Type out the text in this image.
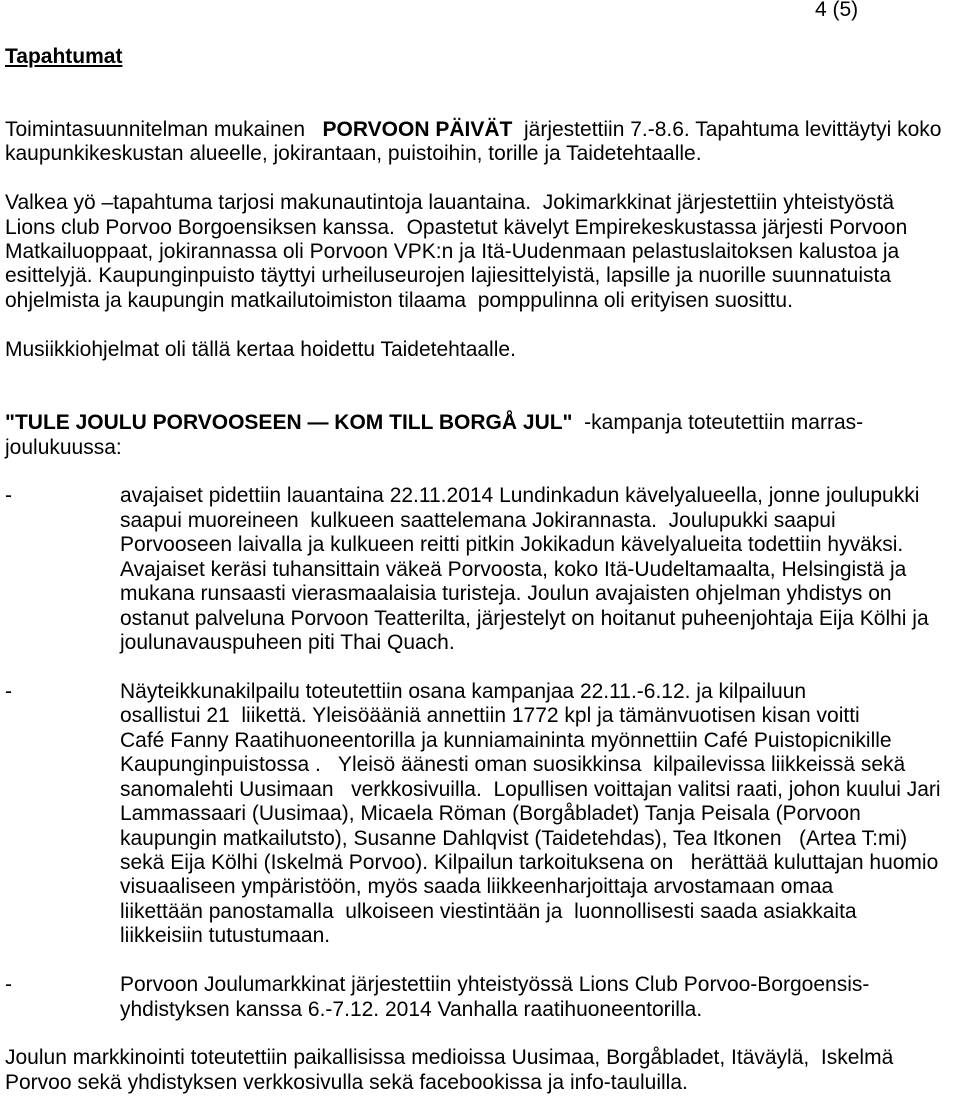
4 (5)
Tapahtumat
Toimintasuunnitelman mukainen   PORVOON PÄIVÄT  järjestettiin 7.-8.6. Tapahtuma levittäytyi koko
kaupunkikeskustan alueelle, jokirantaan, puistoihin, torille ja Taidetehtaalle.
Valkea yö –tapahtuma tarjosi makunautintoja lauantaina.  Jokimarkkinat järjestettiin yhteistyöstä
Lions club Porvoo Borgoensiksen kanssa.  Opastetut kävelyt Empirekeskustassa järjesti Porvoon
Matkailuoppaat, jokirannassa oli Porvoon VPK:n ja Itä-Uudenmaan pelastuslaitoksen kalustoa ja
esittelyjä. Kaupunginpuisto täyttyi urheiluseurojen lajiesittelyistä, lapsille ja nuorille suunnatuista
ohjelmista ja kaupungin matkailutoimiston tilaama  pomppulinna oli erityisen suosittu.
Musiikkiohjelmat oli tällä kertaa hoidettu Taidetehtaalle.
"TULE JOULU PORVOOSEEN — KOM TILL BORGÅ JUL"  -kampanja toteutettiin marras-
joulukuussa:
-	avajaiset pidettiin lauantaina 22.11.2014 Lundinkadun kävelyalueella, jonne joulupukki
saapui muoreineen  kulkueen saattelemana Jokirannasta.  Joulupukki saapui
Porvooseen laivalla ja kulkueen reitti pitkin Jokikadun kävelyalueita todettiin hyväksi.
Avajaiset keräsi tuhansittain väkeä Porvoosta, koko Itä-Uudeltamaalta, Helsingistä ja
mukana runsaasti vierasmaalaisia turisteja. Joulun avajaisten ohjelman yhdistys on
ostanut palveluna Porvoon Teatterilta, järjestelyt on hoitanut puheenjohtaja Eija Kölhi ja
joulunavauspuheen piti Thai Quach.
-	Näyteikkunakilpailu toteutettiin osana kampanjaa 22.11.-6.12. ja kilpailuun
osallistui 21  liikettä. Yleisöääniä annettiin 1772 kpl ja tämänvuotisen kisan voitti
Café Fanny Raatihuoneentorilla ja kunniamaininta myönnettiin Café Puistopicnikille
Kaupunginpuistossa .   Yleisö äänesti oman suosikkinsa  kilpailevissa liikkeissä sekä
sanomalehti Uusimaan   verkkosivuilla.  Lopullisen voittajan valitsi raati, johon kuului Jari
Lammassaari (Uusimaa), Micaela Röman (Borgåbladet) Tanja Peisala (Porvoon
kaupungin matkailutsto), Susanne Dahlqvist (Taidetehdas), Tea Itkonen   (Artea T:mi)
sekä Eija Kölhi (Iskelmä Porvoo). Kilpailun tarkoituksena on   herättää kuluttajan huomio
visuaaliseen ympäristöön, myös saada liikkeenharjoittaja arvostamaan omaa
liikettään panostamalla  ulkoiseen viestintään ja  luonnollisesti saada asiakkaita
liikkeisiin tutustumaan.
-	Porvoon Joulumarkkinat järjestettiin yhteistyössä Lions Club Porvoo-Borgoensis-
yhdistyksen kanssa 6.-7.12. 2014 Vanhalla raatihuoneentorilla.
Joulun markkinointi toteutettiin paikallisissa medioissa Uusimaa, Borgåbladet, Itäväylä,  Iskelmä
Porvoo sekä yhdistyksen verkkosivulla sekä facebookissa ja info-tauluilla.
